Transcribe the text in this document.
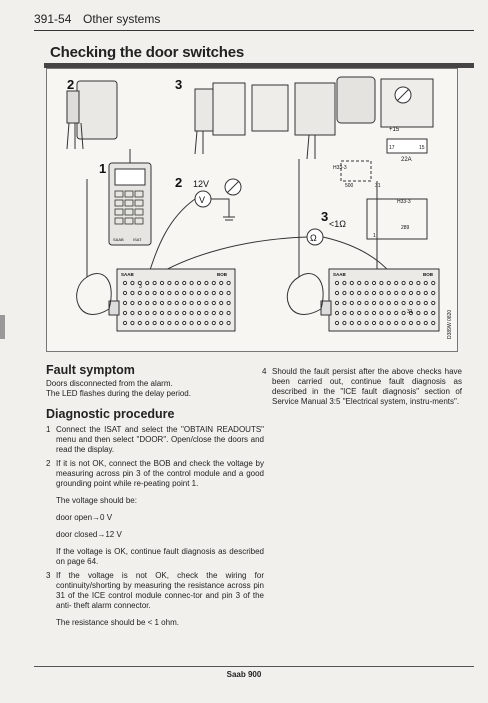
391-54 Other systems
Checking the door switches
2	3
+15
22A
17	15
H33-3
H33-3
500
289
1
31
SAAB ISAT
1
2 12V
V
3 <1Ω
Ω
SAAB	BOB
3
SAAB	BOB
31	D389W 0820
Fault symptom
Doors disconnected from the alarm.
The LED flashes during the delay period.
Diagnostic procedure
1 Connect the ISAT and select the "OBTAIN READOUTS" menu and then select "DOOR". Open/close the doors and read the display.
2 If it is not OK, connect the BOB and check the voltage by measuring across pin 3 of the control module and a good grounding point while re-peating point 1.
The voltage should be:
door open→0 V
door closed→12 V
If the voltage is OK, continue fault diagnosis as described on page 64.
3 If the voltage is not OK, check the wiring for continuity/shorting by measuring the resistance across pin 31 of the ICE control module connec-tor and pin 3 of the anti- theft alarm connector.
The resistance should be < 1 ohm.
4 Should the fault persist after the above checks have been carried out, continue fault diagnosis as described in the "ICE fault diagnosis" section of Service Manual 3:5 "Electrical system, instru-ments".
Saab 900
